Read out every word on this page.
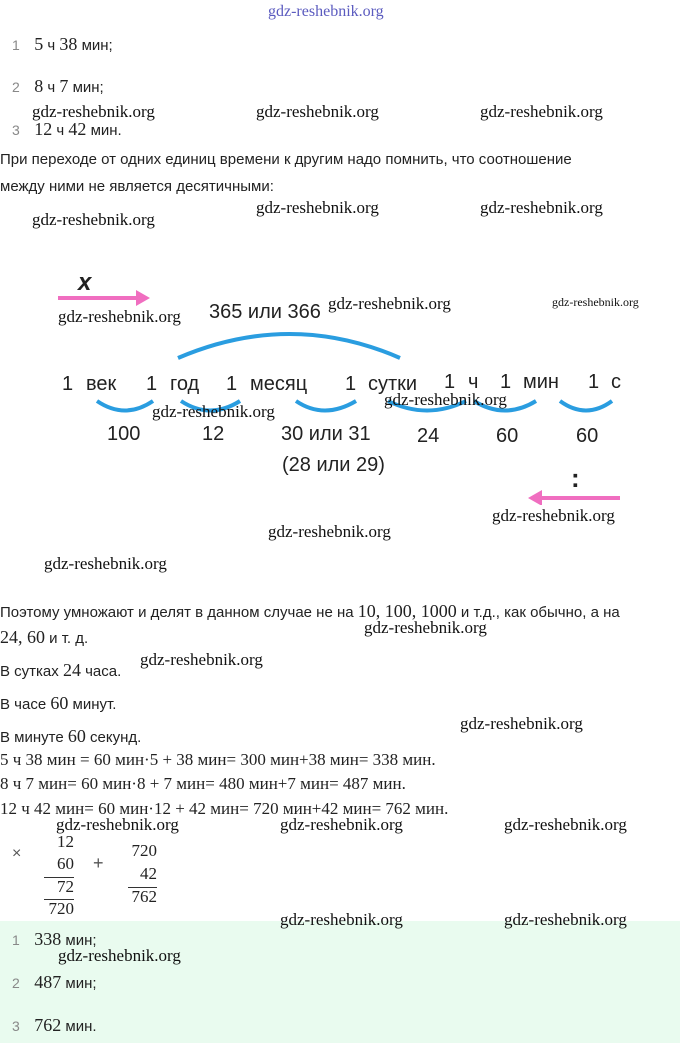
gdz-reshebnik.org
1 5 ч 38 мин;
2 8 ч 7 мин;
3 12 ч 42 мин.
gdz-reshebnik.org	gdz-reshebnik.org	gdz-reshebnik.org
При переходе от одних единиц времени к другим надо помнить, что соотношение
между ними не является десятичными:
gdz-reshebnik.org
gdz-reshebnik.org	gdz-reshebnik.org
x
365 или 366
1 век 1 год 1 месяц 1 сутки 1 ч 1 мин 1 с
100	12	30 или 31 24	60	60
(28 или 29)	:
gdz-reshebnik.org
gdz-reshebnik.org	gdz-reshebnik.org
gdz-reshebnik.org
gdz-reshebnik.org
gdz-reshebnik.org
gdz-reshebnik.org
gdz-reshebnik.org
Поэтому умножают и делят в данном случае не на 10, 100, 1000 и т.д., как обычно, а на
24, 60 и т. д.
gdz-reshebnik.org
В сутках 24 часа.
gdz-reshebnik.org
В часе 60 минут.
gdz-reshebnik.org
В минуте 60 секунд.
5 ч 38 мин = 60 мин·5 + 38 мин= 300 мин+38 мин= 338 мин.
8 ч 7 мин= 60 мин·8 + 7 мин= 480 мин+7 мин= 487 мин.
12 ч 42 мин= 60 мин·12 + 42 мин= 720 мин+42 мин= 762 мин.
gdz-reshebnik.org	gdz-reshebnik.org	gdz-reshebnik.org
×
12
60
72
720
+
720
42
762
gdz-reshebnik.org	gdz-reshebnik.org
1 338 мин;
2 487 мин;
3 762 мин.
gdz-reshebnik.org
